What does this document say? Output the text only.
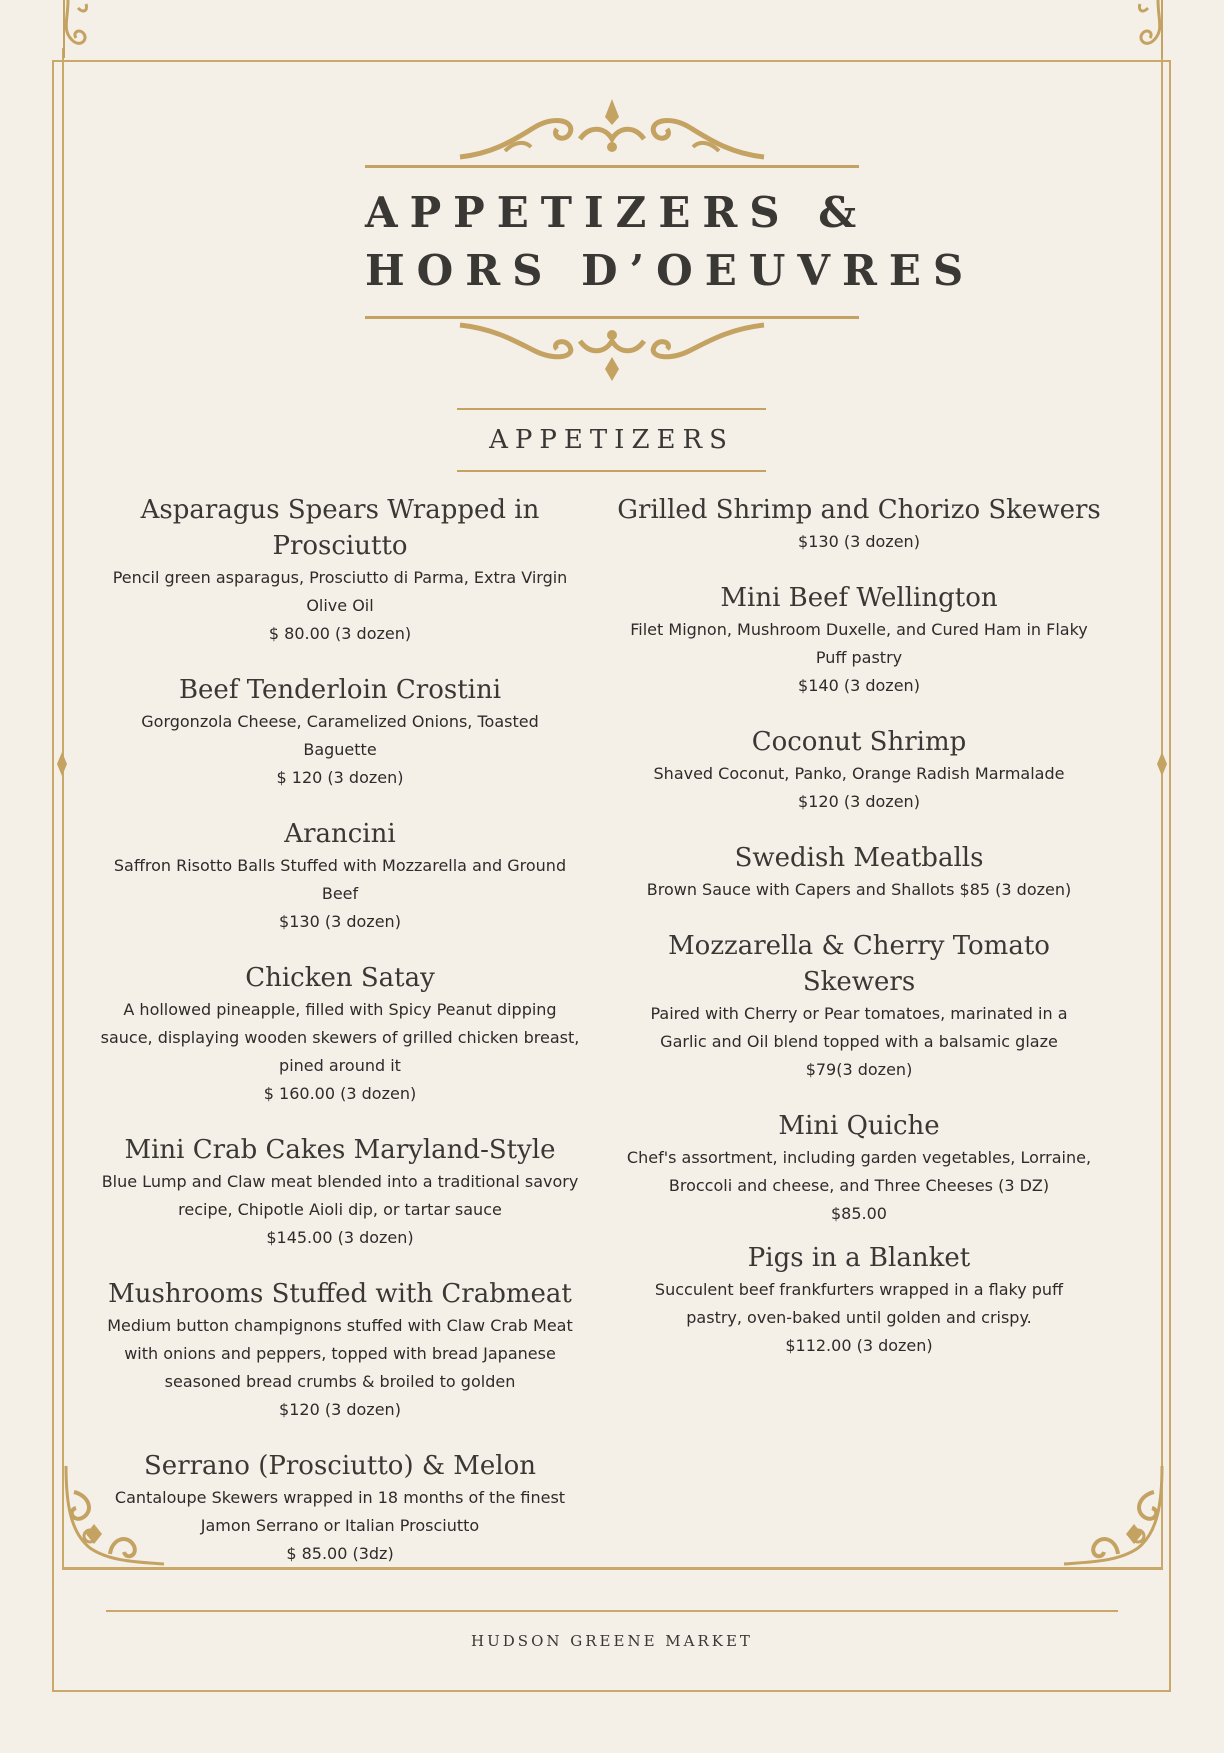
APPETIZERS &
HORS D’OEUVRES
APPETIZERS

Asparagus Spears Wrapped in Prosciutto

Pencil green asparagus, Prosciutto di Parma, Extra Virgin Olive Oil

$ 80.00 (3 dozen)

Beef Tenderloin Crostini

Gorgonzola Cheese, Caramelized Onions, Toasted Baguette

$ 120 (3 dozen)

Arancini

Saffron Risotto Balls Stuffed with Mozzarella and Ground Beef

$130 (3 dozen)

Chicken Satay

A hollowed pineapple, filled with Spicy Peanut dipping sauce, displaying wooden skewers of grilled chicken breast, pined around it

$ 160.00 (3 dozen)

Mini Crab Cakes Maryland-Style

Blue Lump and Claw meat blended into a traditional savory recipe, Chipotle Aioli dip, or tartar sauce

$145.00 (3 dozen)

Mushrooms Stuffed with Crabmeat

Medium button champignons stuffed with Claw Crab Meat with onions and peppers, topped with bread Japanese seasoned bread crumbs & broiled to golden

$120 (3 dozen)

Serrano (Prosciutto) & Melon

Cantaloupe Skewers wrapped in 18 months of the finest Jamon Serrano or Italian Prosciutto

$ 85.00 (3dz)

Grilled Shrimp and Chorizo Skewers

$130 (3 dozen)

Mini Beef Wellington

Filet Mignon, Mushroom Duxelle, and Cured Ham in Flaky Puff pastry

$140 (3 dozen)

Coconut Shrimp

Shaved Coconut, Panko, Orange Radish Marmalade

$120 (3 dozen)

Swedish Meatballs

Brown Sauce with Capers and Shallots $85 (3 dozen)

Mozzarella & Cherry Tomato Skewers

Paired with Cherry or Pear tomatoes, marinated in a Garlic and Oil blend topped with a balsamic glaze

$79(3 dozen)

Mini Quiche

Chef's assortment, including garden vegetables, Lorraine, Broccoli and cheese, and Three Cheeses (3 DZ)

$85.00

Pigs in a Blanket

Succulent beef frankfurters wrapped in a flaky puff pastry, oven-baked until golden and crispy.

$112.00 (3 dozen)

HUDSON GREENE MARKET
